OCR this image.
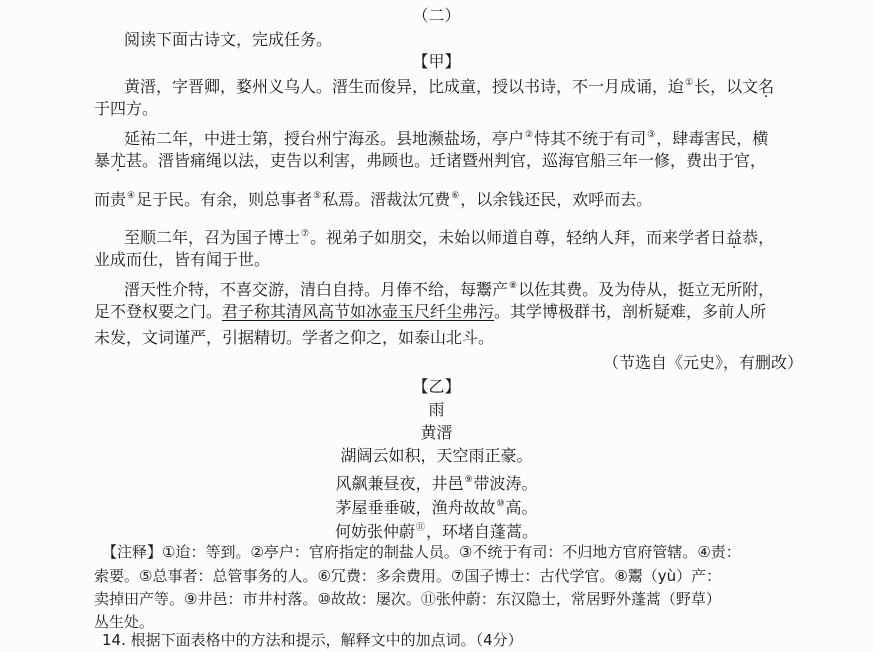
（二）
阅读下面古诗文，完成任务。
【甲】
黄溍，字晋卿，婺州义乌人。溍生而俊异，比成童，授以书诗，不一月成诵，迨①长，以文名
于四方。
延祐二年，中进士第，授台州宁海丞。县地濒盐场，亭户②恃其不统于有司③，肆毒害民，横
暴尤甚。溍皆痛绳以法，吏告以利害，弗顾也。迁诸暨州判官，巡海官船三年一修，费出于官，
而责④足于民。有余，则总事者⑤私焉。溍裁汰冗费⑥，以余钱还民，欢呼而去。
至顺二年，召为国子博士⑦。视弟子如朋交，未始以师道自尊，轻纳人拜，而来学者日益恭，
业成而仕，皆有闻于世。
溍天性介特，不喜交游，清白自持。月俸不给，每鬻产⑧以佐其费。及为侍从，挺立无所附，
足不登权要之门。君子称其清风高节如冰壶玉尺纤尘弗污。其学博极群书，剖析疑难，多前人所
未发，文词谨严，引据精切。学者之仰之，如泰山北斗。
（节选自《元史》，有删改）
【乙】
雨
黄溍
湖阔云如积，天空雨正豪。
风飙兼昼夜，井邑⑨带波涛。
茅屋垂垂破，渔舟故故⑩高。
何妨张仲蔚⑪，环堵自蓬蒿。
【注释】①迨：等到。②亭户：官府指定的制盐人员。③不统于有司：不归地方官府管辖。④责：
索要。⑤总事者：总管事务的人。⑥冗费：多余费用。⑦国子博士：古代学官。⑧鬻（yù）产：
卖掉田产等。⑨井邑：市井村落。⑩故故：屡次。⑪张仲蔚：东汉隐士，常居野外蓬蒿（野草）
丛生处。
14. 根据下面表格中的方法和提示，解释文中的加点词。（4分）
